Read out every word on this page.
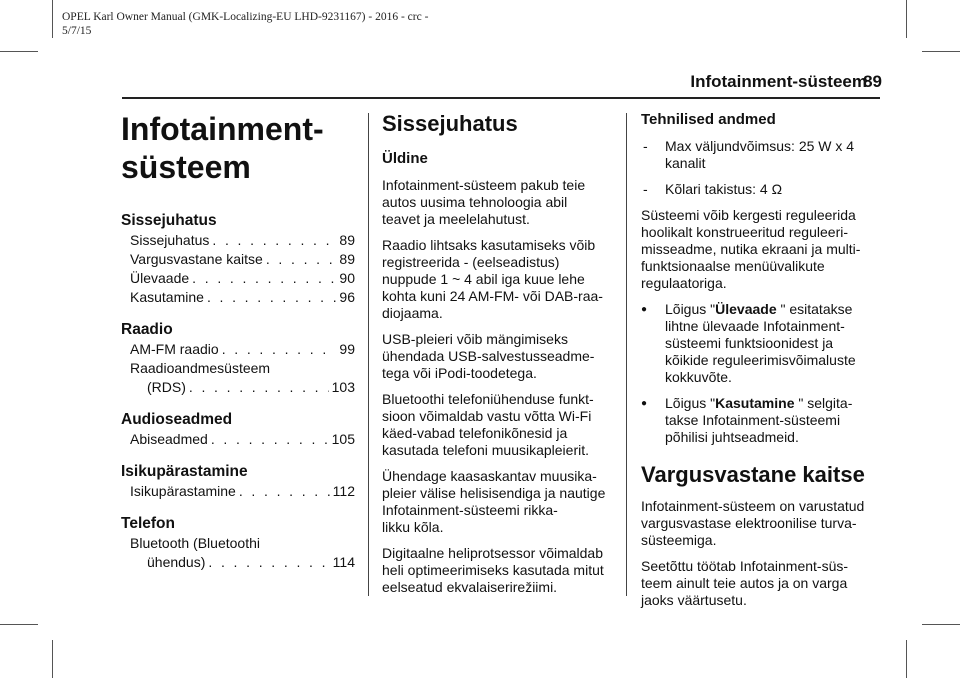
OPEL Karl Owner Manual (GMK-Localizing-EU LHD-9231167) - 2016 - crc -
5/7/15
Infotainment-süsteem
89
Infotainment-
süsteem
Sissejuhatus
Sissejuhatus . . .	89
Vargusvastane kaitse . . .	89
Ülevaade . . .	90
Kasutamine . . .	96
Raadio
AM-FM raadio . . .	99
Raadioandmesüsteem
(RDS) . . .	103
Audioseadmed
Abiseadmed . . .	105
Isikupärastamine
Isikupärastamine . . .	112
Telefon
Bluetooth (Bluetoothi
ühendus) . . .	114
Sissejuhatus
Üldine

Infotainment-süsteem pakub teie
autos uusima tehnoloogia abil
teavet ja meelelahutust.

Raadio lihtsaks kasutamiseks võib
registreerida - (eelseadistus)
nuppude 1 ~ 4 abil iga kuue lehe
kohta kuni 24 AM-FM- või DAB-raa-
diojaama.

USB-pleieri võib mängimiseks
ühendada USB-salvestusseadme-
tega või iPodi-toodetega.

Bluetoothi telefoniühenduse funkt-
sioon võimaldab vastu võtta Wi-Fi
käed-vabad telefonikõnesid ja
kasutada telefoni muusikapleierit.

Ühendage kaasaskantav muusika-
pleier välise helisisendiga ja nautige
Infotainment-süsteemi rikka-
likku kõla.

Digitaalne heliprotsessor võimaldab
heli optimeerimiseks kasutada mitut
eelseatud ekvalaiserirežiimi.

Tehnilised andmed
-	Max väljundvõimsus: 25 W x 4
kanalit
-	Kõlari takistus: 4 Ω

Süsteemi võib kergesti reguleerida
hoolikalt konstrueeritud reguleeri-
misseadme, nutika ekraani ja multi-
funktsionaalse menüüvalikute
regulaatoriga.

●	Lõigus "Ülevaade " esitatakse
lihtne ülevaade Infotainment-
süsteemi funktsioonidest ja
kõikide reguleerimisvõimaluste
kokkuvõte.
●	Lõigus "Kasutamine " selgita-
takse Infotainment-süsteemi
põhilisi juhtseadmeid.
Vargusvastane kaitse

Infotainment-süsteem on varustatud
vargusvastase elektroonilise turva-
süsteemiga.

Seetõttu töötab Infotainment-süs-
teem ainult teie autos ja on varga
jaoks väärtusetu.
